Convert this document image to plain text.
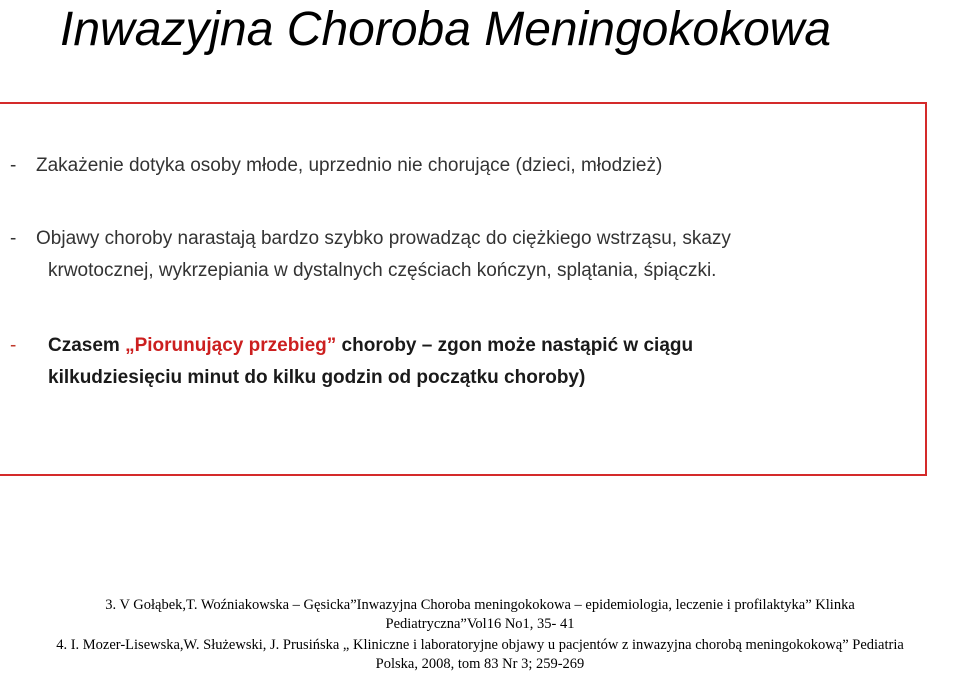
Inwazyjna Choroba Meningokokowa
- Zakażenie dotyka osoby młode, uprzednio nie chorujące (dzieci, młodzież)
- Objawy choroby narastają bardzo szybko prowadząc do ciężkiego wstrząsu, skazy
krwotocznej, wykrzepiania w dystalnych częściach kończyn, splątania, śpiączki.
- Czasem „Piorunujący przebieg” choroby – zgon może nastąpić w ciągu
kilkudziesięciu minut do kilku godzin od początku choroby)

3. V Gołąbek,T. Woźniakowska – Gęsicka”Inwazyjna Choroba meningokokowa – epidemiologia, leczenie i profilaktyka” Klinka

Pediatryczna”Vol16 No1, 35- 41

4. I. Mozer-Lisewska,W. Służewski, J. Prusińska „ Kliniczne i laboratoryjne objawy u pacjentów z inwazyjna chorobą meningokokową” Pediatria

Polska, 2008, tom 83 Nr 3; 259-269
